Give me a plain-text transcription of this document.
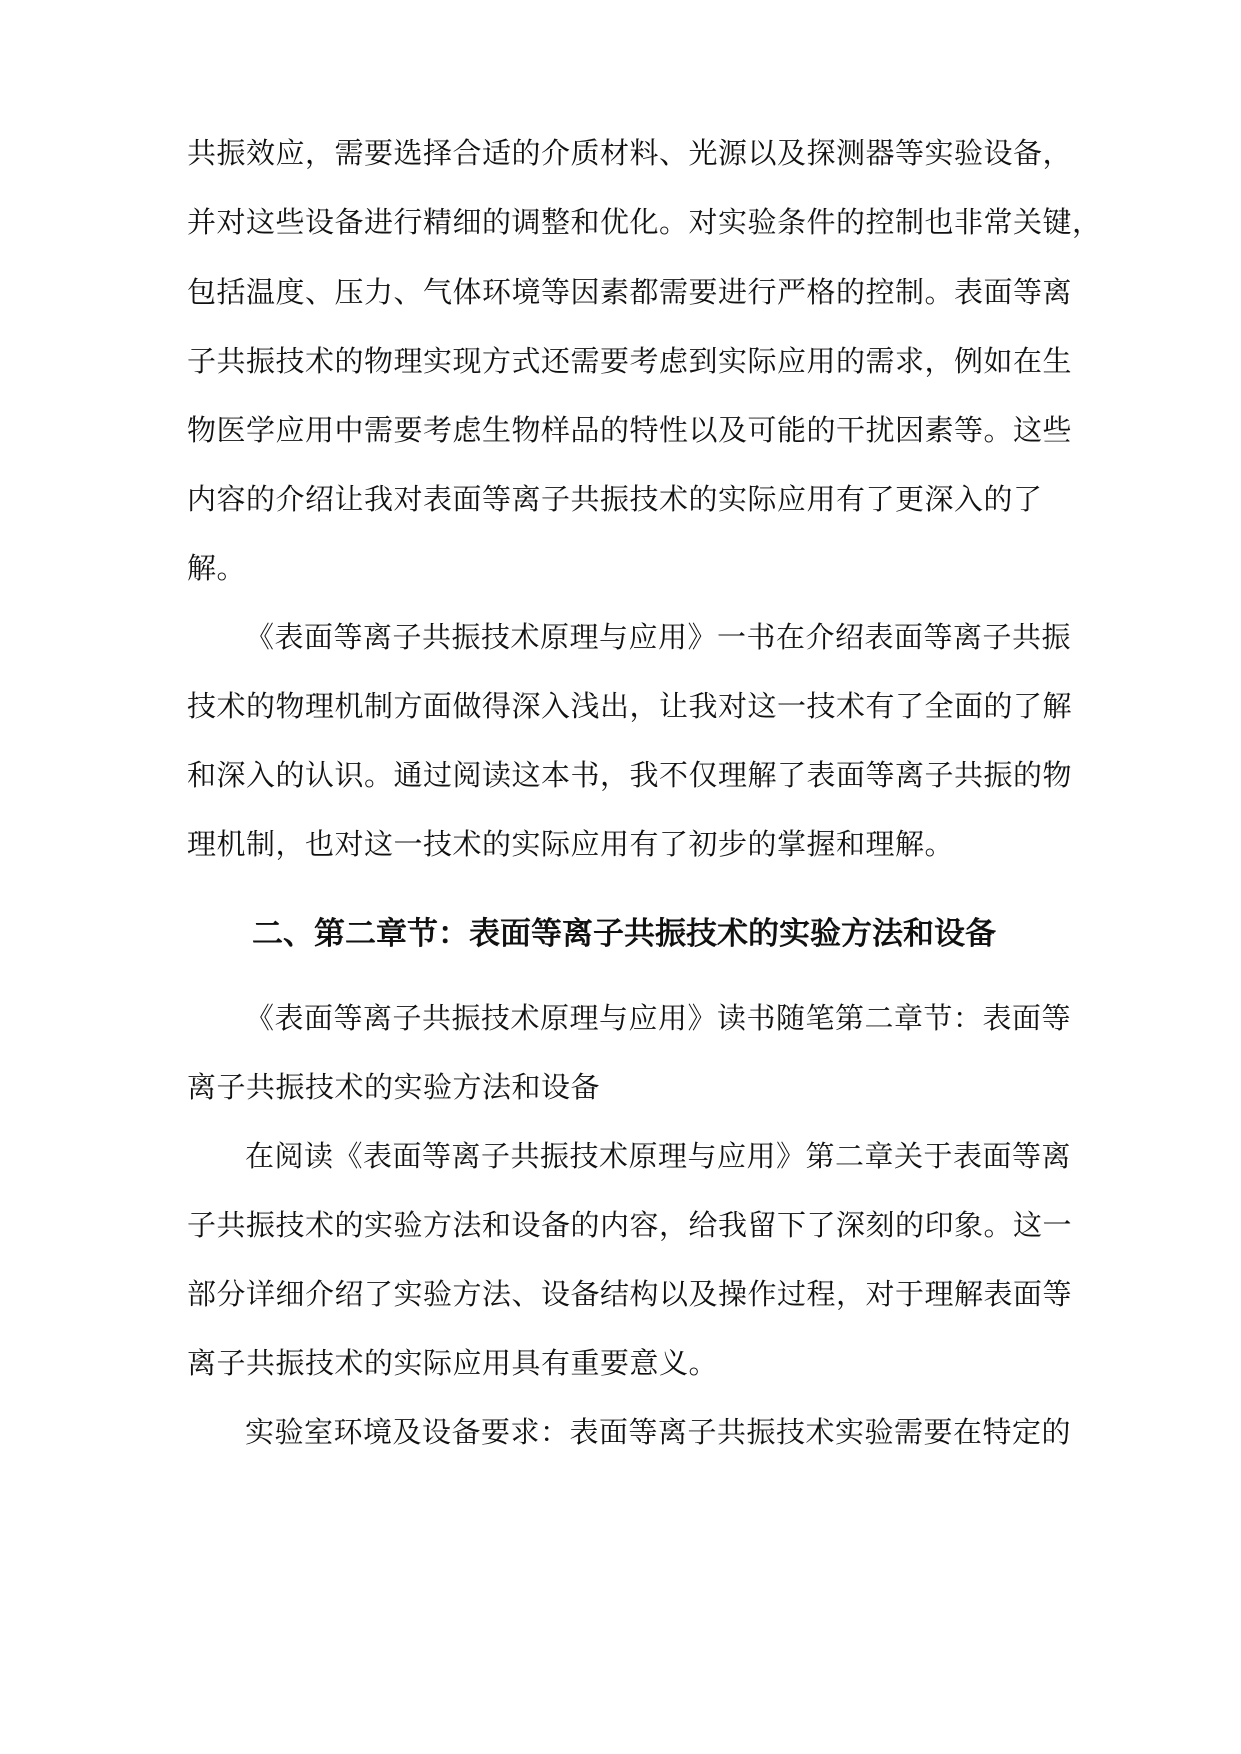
共振效应，需要选择合适的介质材料、光源以及探测器等实验设备，
并对这些设备进行精细的调整和优化。对实验条件的控制也非常关键，
包括温度、压力、气体环境等因素都需要进行严格的控制。表面等离
子共振技术的物理实现方式还需要考虑到实际应用的需求，例如在生
物医学应用中需要考虑生物样品的特性以及可能的干扰因素等。这些
内容的介绍让我对表面等离子共振技术的实际应用有了更深入的了
解。
《表面等离子共振技术原理与应用》一书在介绍表面等离子共振
技术的物理机制方面做得深入浅出，让我对这一技术有了全面的了解
和深入的认识。通过阅读这本书，我不仅理解了表面等离子共振的物
理机制，也对这一技术的实际应用有了初步的掌握和理解。
二、第二章节：表面等离子共振技术的实验方法和设备
《表面等离子共振技术原理与应用》读书随笔第二章节：表面等
离子共振技术的实验方法和设备
在阅读《表面等离子共振技术原理与应用》第二章关于表面等离
子共振技术的实验方法和设备的内容，给我留下了深刻的印象。这一
部分详细介绍了实验方法、设备结构以及操作过程，对于理解表面等
离子共振技术的实际应用具有重要意义。
实验室环境及设备要求：表面等离子共振技术实验需要在特定的
